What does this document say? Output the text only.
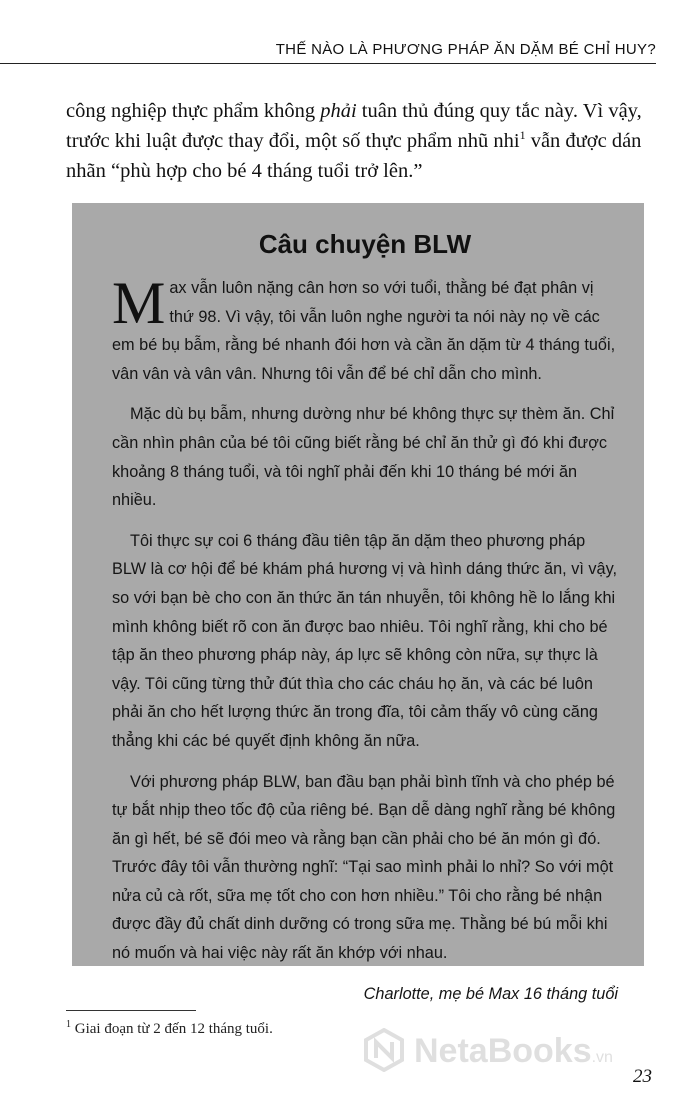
THẾ NÀO LÀ PHƯƠNG PHÁP ĂN DẶM BÉ CHỈ HUY?

công nghiệp thực phẩm không phải tuân thủ đúng quy tắc này. Vì vậy, trước khi luật được thay đổi, một số thực phẩm nhũ nhi$^1$ vẫn được dán nhãn “phù hợp cho bé 4 tháng tuổi trở lên.”

Câu chuyện BLW

Max vẫn luôn nặng cân hơn so với tuổi, thằng bé đạt phân vị thứ 98. Vì vậy, tôi vẫn luôn nghe người ta nói này nọ về các em bé bụ bẫm, rằng bé nhanh đói hơn và cần ăn dặm từ 4 tháng tuổi, vân vân và vân vân. Nhưng tôi vẫn để bé chỉ dẫn cho mình.

Mặc dù bụ bẫm, nhưng dường như bé không thực sự thèm ăn. Chỉ cần nhìn phân của bé tôi cũng biết rằng bé chỉ ăn thử gì đó khi được khoảng 8 tháng tuổi, và tôi nghĩ phải đến khi 10 tháng bé mới ăn nhiều.

Tôi thực sự coi 6 tháng đầu tiên tập ăn dặm theo phương pháp BLW là cơ hội để bé khám phá hương vị và hình dáng thức ăn, vì vậy, so với bạn bè cho con ăn thức ăn tán nhuyễn, tôi không hề lo lắng khi mình không biết rõ con ăn được bao nhiêu. Tôi nghĩ rằng, khi cho bé tập ăn theo phương pháp này, áp lực sẽ không còn nữa, sự thực là vậy. Tôi cũng từng thử đút thìa cho các cháu họ ăn, và các bé luôn phải ăn cho hết lượng thức ăn trong đĩa, tôi cảm thấy vô cùng căng thẳng khi các bé quyết định không ăn nữa.

Với phương pháp BLW, ban đầu bạn phải bình tĩnh và cho phép bé tự bắt nhịp theo tốc độ của riêng bé. Bạn dễ dàng nghĩ rằng bé không ăn gì hết, bé sẽ đói meo và rằng bạn cần phải cho bé ăn món gì đó. Trước đây tôi vẫn thường nghĩ: “Tại sao mình phải lo nhỉ? So với một nửa củ cà rốt, sữa mẹ tốt cho con hơn nhiều.” Tôi cho rằng bé nhận được đầy đủ chất dinh dưỡng có trong sữa mẹ. Thằng bé bú mỗi khi nó muốn và hai việc này rất ăn khớp với nhau.

Charlotte, mẹ bé Max 16 tháng tuổi

$^1$ Giai đoạn từ 2 đến 12 tháng tuổi.
NetaBooks.vn
23
